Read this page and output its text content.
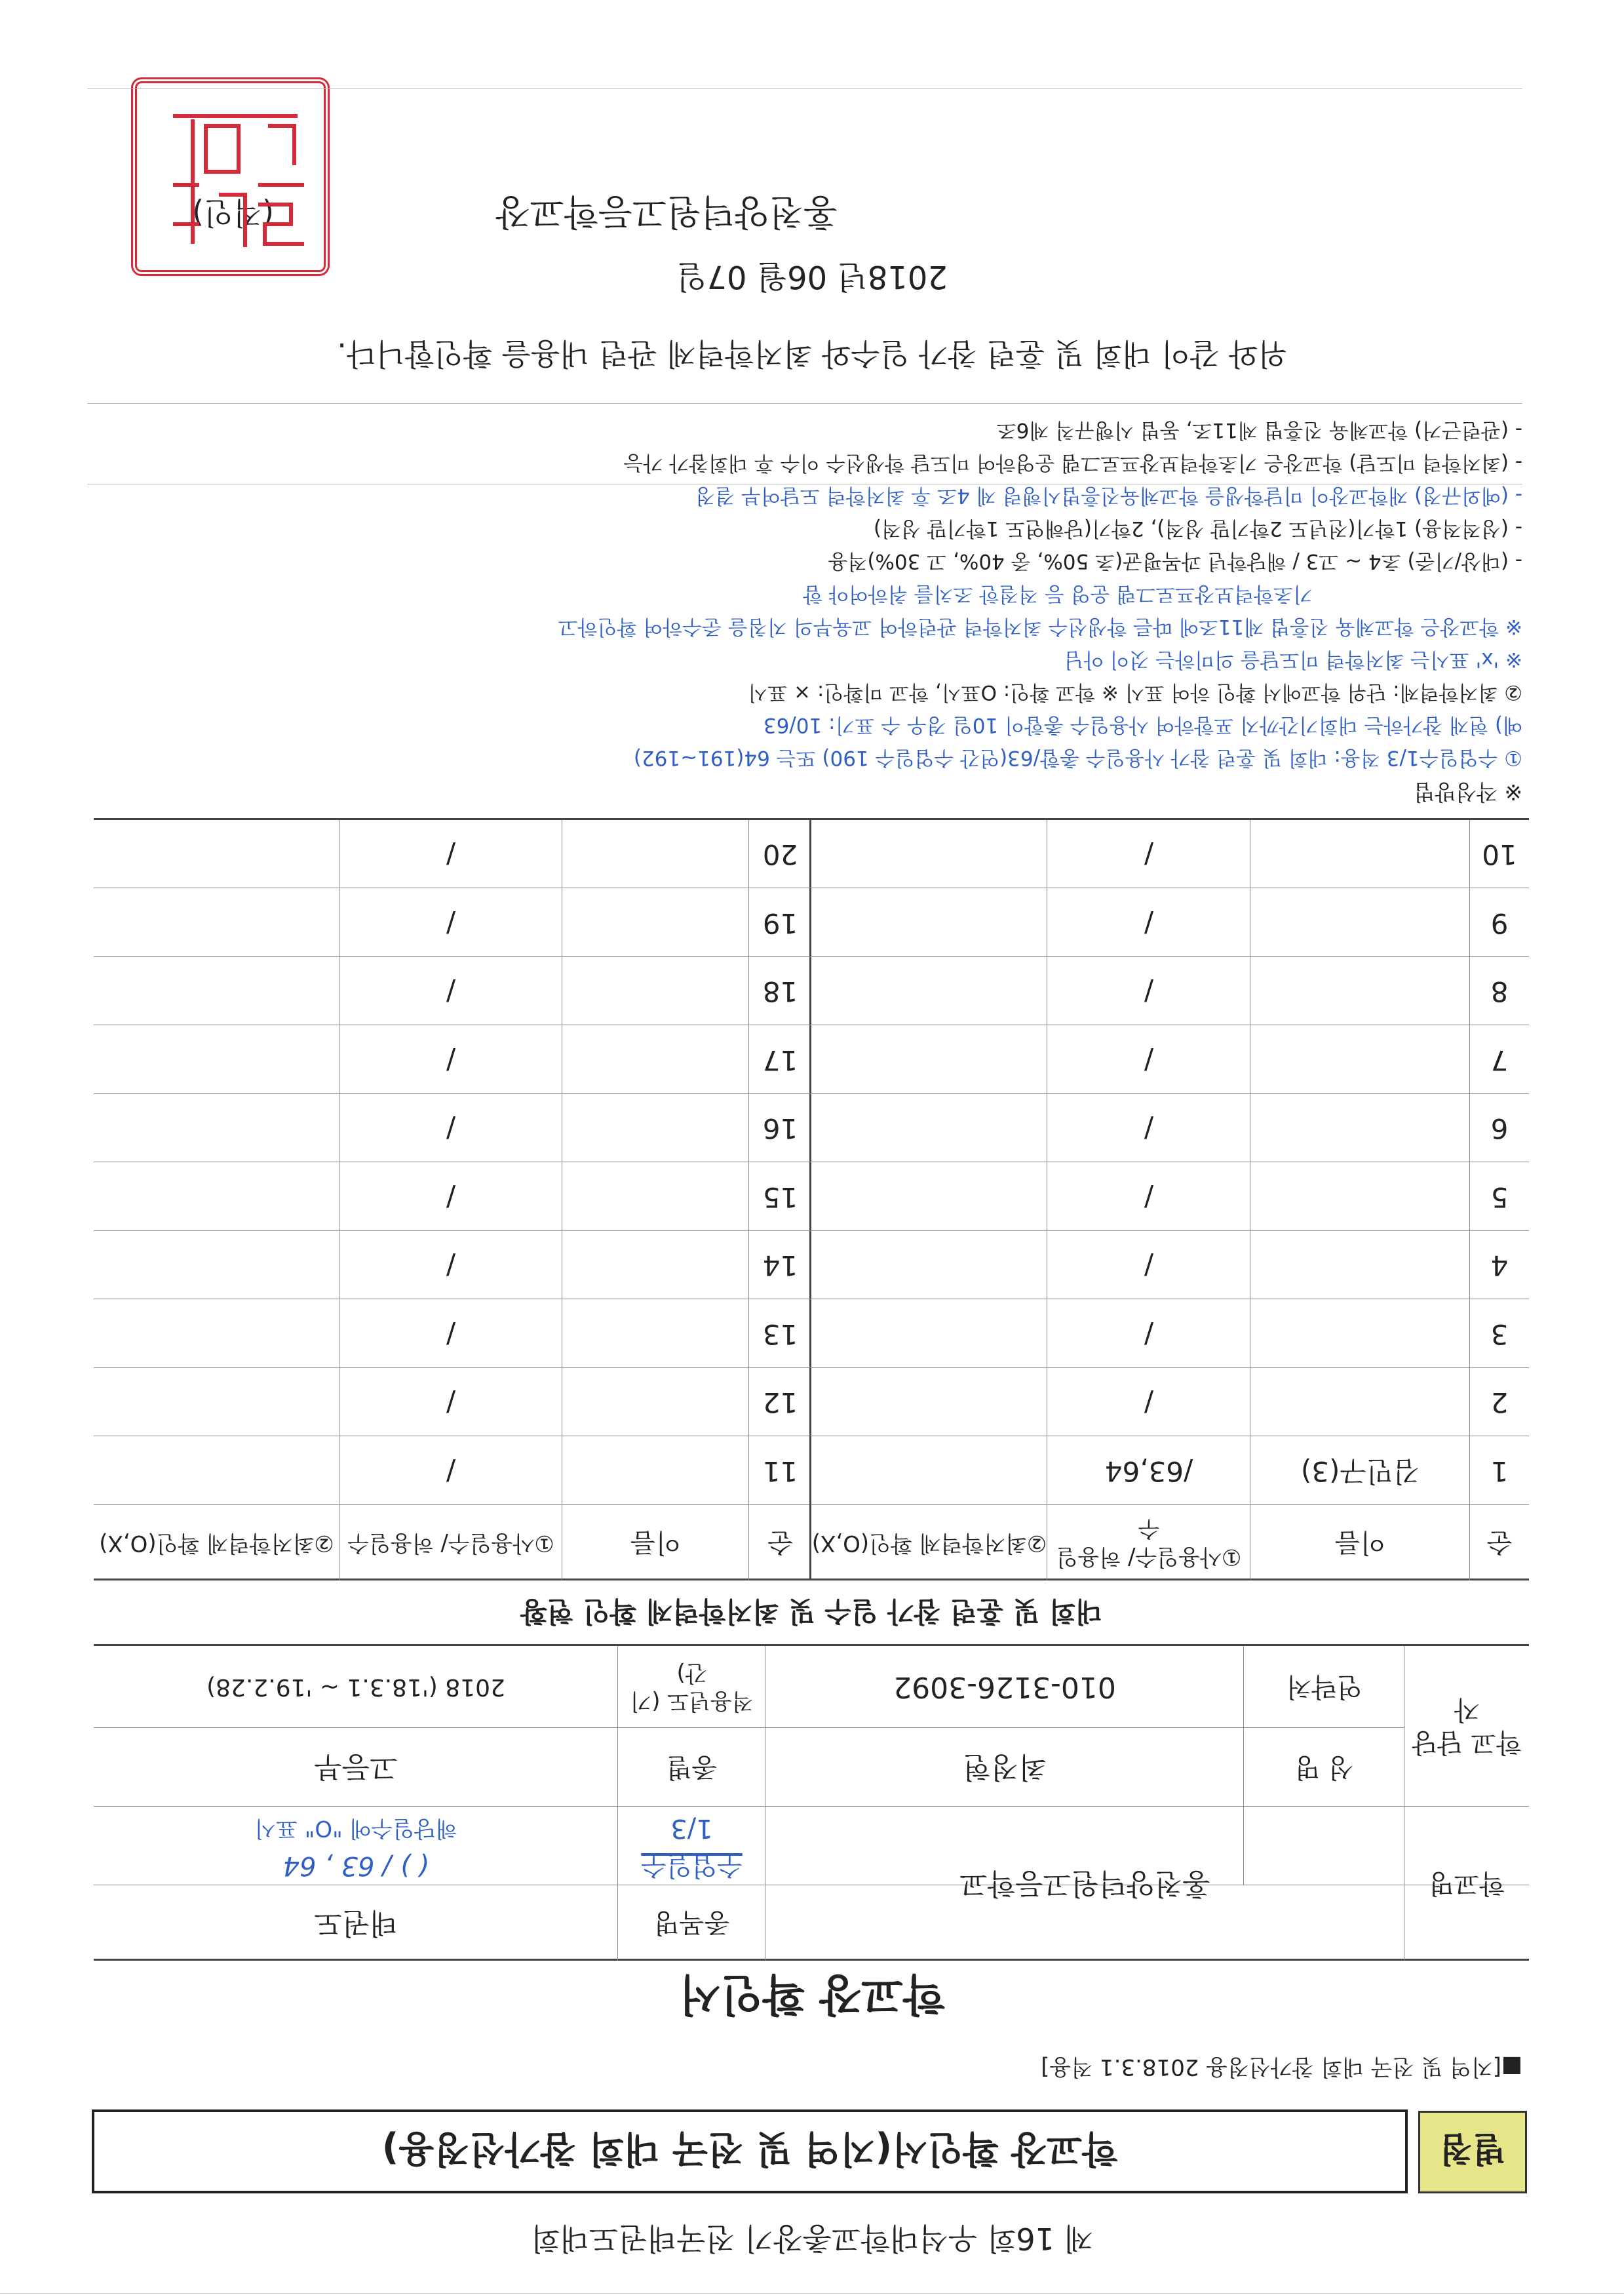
제 16회 우석대학교총장기 전국태권도대회
별첨
학교장 확인서(지역 및 전국 대회 참가선정용)
■[지역 및 전국 대회 참가선정용 2018.3.1 적용]
학교장 확인서
학교명
홍천양덕원고등학교
종목명
태권도
수업일수
1/3
( ) / 63 , 64
해당일수에 "O" 표시
학교 담당자
성 명
최정현
종별
고등부
연락처
010-3126-3092
적용년도 (기간)
2018 ('18.3.1 ~ '19.2.28)
대회 및 훈련 참가 일수 및 최저학력제 확인 현황
순
이름
①사용일수/ 허용일수
②최저학력제 확인(O,X)
순
이름
①사용일수/ 허용일수
②최저학력제 확인(O,X)
1
김민구(3)
/63,64
11
/
2
/
12
/
3
/
13
/
4
/
14
/
5
/
15
/
6
/
16
/
7
/
17
/
8
/
18
/
9
/
19
/
10
/
20
/
※ 작성방법
① 수업일수1/3 적용: 대회 및 훈련 참가 사용일수 총합/63(연간 수업일수 190) 또는 64(191~192)
예) 현재 참가하는 대회기간까지 포함하여 사용일수 총합이 10일 경우 수 표기: 10/63
② 최저학력제: 단위 학교에서 확인 하여 표시 ※ 학교 확인: O표시, 학교 미확인: × 표시
※ 'x' 표시는 최저학력 미도달을 의미하는 것이 아님
※ 학교장은 학교체육 진흥법 제11조에 따른 학생선수 최저학력 관련하여 교육부의 지침을 준수하여 확인하고
기초학력보장프로그램 운영 등 적절한 조치를 취하여야 함
- (대상/기준) 초4 ~ 고3 / 해당학년 과목평균(초 50%, 중 40%, 고 30%)적용
- (성적적용) 1학기(전년도 2학기말 성적), 2학기(당해연도 1학기말 성적)
- (예외규정) 재학교장이 미달학생을 학교체육진흥법시행령 제 4조 후 최저학력 도달여부 결정
- (최저학력 미도달) 학교장은 기초학력보장프로그램 운영하여 미도달 학생선수 이수 후 대회참가 가능
- (관련근거) 학교체육 진흥법 제11조, 동법 시행규칙 제6조
위와 같이 대회 및 훈련 참가 일수와 최저학력제 관련 내용을 확인합니다.
2018년 06월 07일
홍천양덕원고등학교장
(직인)
